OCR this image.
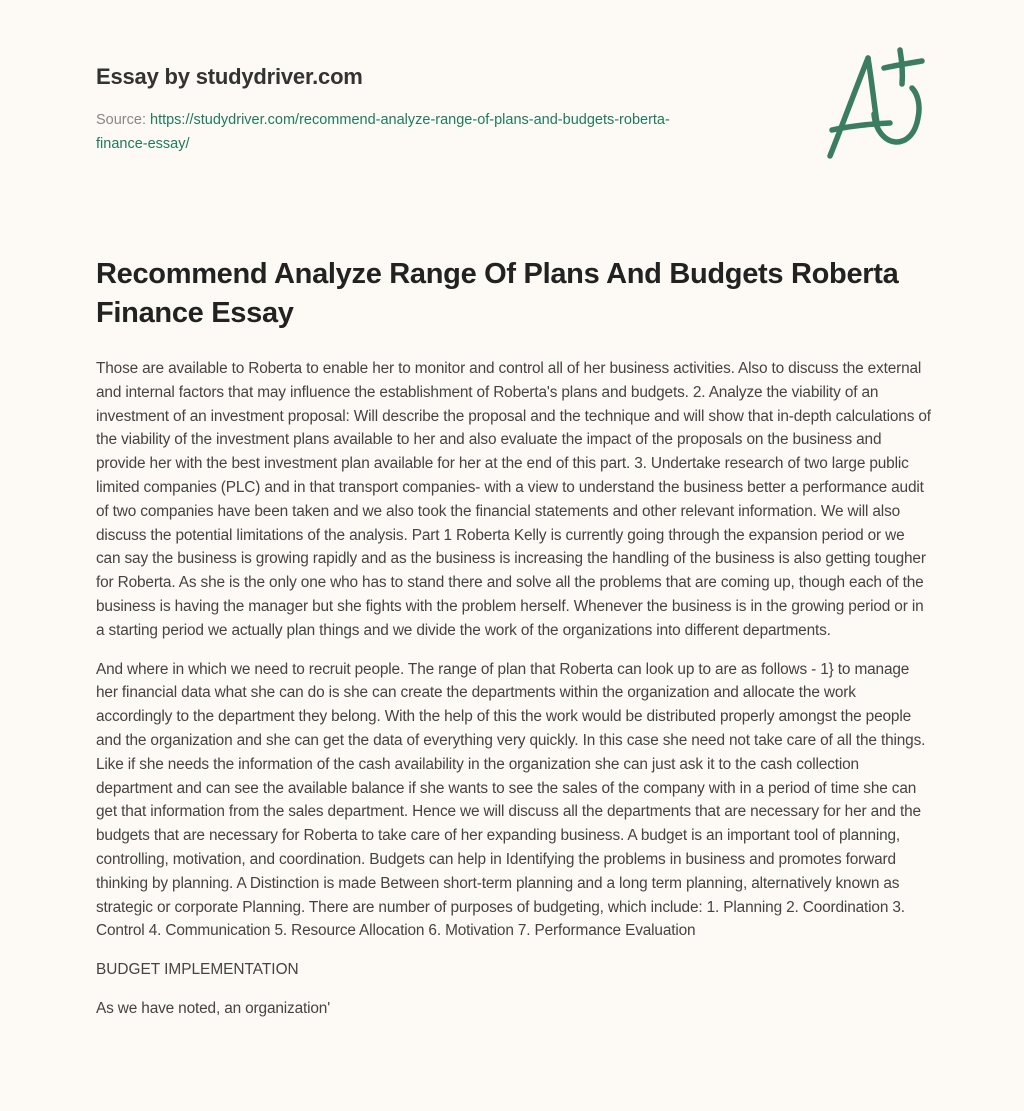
Essay by studydriver.com
Source: https://studydriver.com/recommend-analyze-range-of-plans-and-budgets-roberta-finance-essay/
Recommend Analyze Range Of Plans And Budgets Roberta Finance Essay

Those are available to Roberta to enable her to monitor and control all of her business activities. Also to discuss the external and internal factors that may influence the establishment of Roberta's plans and budgets. 2. Analyze the viability of an investment of an investment proposal: Will describe the proposal and the technique and will show that in-depth calculations of the viability of the investment plans available to her and also evaluate the impact of the proposals on the business and provide her with the best investment plan available for her at the end of this part. 3. Undertake research of two large public limited companies (PLC) and in that transport companies- with a view to understand the business better a performance audit of two companies have been taken and we also took the financial statements and other relevant information. We will also discuss the potential limitations of the analysis. Part 1 Roberta Kelly is currently going through the expansion period or we can say the business is growing rapidly and as the business is increasing the handling of the business is also getting tougher for Roberta. As she is the only one who has to stand there and solve all the problems that are coming up, though each of the business is having the manager but she fights with the problem herself. Whenever the business is in the growing period or in a starting period we actually plan things and we divide the work of the organizations into different departments.

And where in which we need to recruit people. The range of plan that Roberta can look up to are as follows - 1} to manage her financial data what she can do is she can create the departments within the organization and allocate the work accordingly to the department they belong. With the help of this the work would be distributed properly amongst the people and the organization and she can get the data of everything very quickly. In this case she need not take care of all the things. Like if she needs the information of the cash availability in the organization she can just ask it to the cash collection department and can see the available balance if she wants to see the sales of the company with in a period of time she can get that information from the sales department. Hence we will discuss all the departments that are necessary for her and the budgets that are necessary for Roberta to take care of her expanding business. A budget is an important tool of planning, controlling, motivation, and coordination. Budgets can help in Identifying the problems in business and promotes forward thinking by planning. A Distinction is made Between short-term planning and a long term planning, alternatively known as strategic or corporate Planning. There are number of purposes of budgeting, which include: 1. Planning 2. Coordination 3. Control 4. Communication 5. Resource Allocation 6. Motivation 7. Performance Evaluation

BUDGET IMPLEMENTATION

As we have noted, an organization'
